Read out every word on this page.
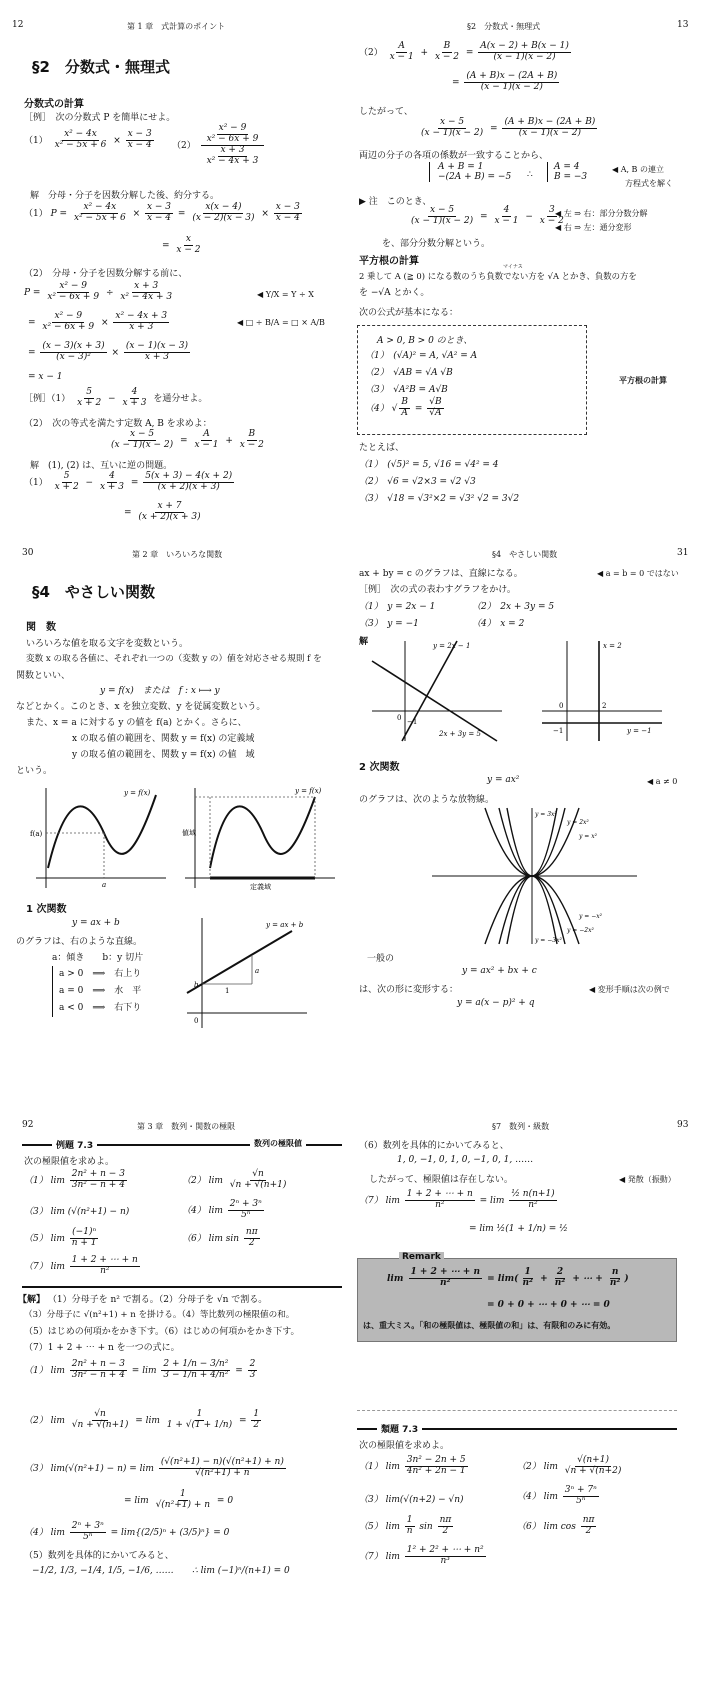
12	第 1 章　式計算のポイント
§2　分数式・無理式
分数式の計算
［例］　次の分数式 P を簡単にせよ。
$(1) \frac{\text{x² − 4x}}{\text{x² − 5x + 6}} \times \frac{x - 3}{x - 4} (2) \frac{\frac{\text{x² − 9}}{\text{x² − 6x + 9}}}{\frac{x + 3}{\text{x² − 4x + 3}}}$
解　分母・分子を因数分解した後、約分する。
（1） $P = \frac{\text{x² − 4x}}{\text{x² − 5x + 6}} \times \frac{x - 3}{x - 4} = \frac{x(x - 4)}{(x - 2)(x - 3)} \times \frac{x - 3}{x - 4}$
= $\frac{x}{x - 2}$
（2）　分母・分子を因数分解する前に、
$P = \frac{\text{x² − 9}}{\text{x² − 6x + 9}} \div \frac{x + 3}{\text{x² − 4x + 3}}$	◀ Y/X = Y ÷ X
= $\frac{\text{x² − 9}}{\text{x² − 6x + 9}} \times \frac{\text{x² − 4x + 3}}{x + 3}$	◀ □ ÷ B/A = □ × A/B
= $\frac{(x - 3)(x + 3)}{\text{(x − 3)²}} \times \frac{(x - 1)(x - 3)}{x + 3}$
= x − 1
［例］（1） $\frac{5}{x + 2} - \frac{4}{x + 3}$ を通分せよ。
（2）　次の等式を満たす定数 A, B を求めよ：
$\frac{x - 5}{(x - 1)(x - 2)} = \frac{A}{x - 1} + \frac{B}{x - 2}$
解　(1), (2) は、互いに逆の問題。
$(1) \frac{5}{x + 2} - \frac{4}{x + 3} = \frac{5(x + 3) - 4(x + 2)}{(x + 2)(x + 3)}$
= $\frac{x + 7}{(x + 2)(x + 3)}$
§2　分数式・無理式	13
$(2) \frac{A}{x - 1} + \frac{B}{x - 2} = \frac{A(x - 2) + B(x - 1)}{(x - 1)(x - 2)}$
= $\frac{(A + B)x - (2A + B)}{(x - 1)(x - 2)}$
したがって、
$\frac{x - 5}{(x - 1)(x - 2)} = \frac{(A + B)x - (2A + B)}{(x - 1)(x - 2)}$
両辺の分子の各項の係数が一致することから、
A + B = 1
−(2A + B) = −5 ∴
A = 4
B = −3
◀ A, B の連立
方程式を解く
▶ 注　このとき、
$\frac{x - 5}{(x - 1)(x - 2)} = \frac{4}{x - 1} - \frac{3}{x - 2}$
◀ 左 ⇒ 右：部分分数分解
◀ 右 ⇒ 左：通分変形
を、部分分数分解という。
平方根の計算	マイナス
2 乗して A (≧ 0) になる数のうち負数でない方を √A とかき、負数の方を
を −√A とかく。
次の公式が基本になる：
A > 0, B > 0 のとき、
（1）　(√A)² = A, √A² = A
（2）　√AB = √A √B
（3）　√A²B = A√B
（4） √ $\frac{B}{A} = \frac{√B}{√A}$
平方根の計算
たとえば、
（1）　(√5)² = 5, √16 = √4² = 4
（2）　√6 = √2×3 = √2 √3
（3）　√18 = √3²×2 = √3² √2 = 3√2
30	第 2 章　いろいろな関数
§4　やさしい関数
関　数
いろいろな値を取る文字を変数という。
変数 x の取る各値に、それぞれ一つの（変数 y の）値を対応させる規則 f を
関数といい、
y = f(x)　または　f : x ⟼ y
などとかく。このとき、x を独立変数、y を従属変数という。
また、x = a に対する y の値を f(a) とかく。さらに、
x の取る値の範囲を、関数 y = f(x) の定義域
y の取る値の範囲を、関数 y = f(x) の値　域
という。
f(a)
a
y = f(x)
値域
定義域
y = f(x)
1 次関数
y = ax + b
のグラフは、右のような直線。
a：傾き　　b：y 切片
a > 0　⟹　右上り
a = 0　⟹　水　平
a < 0　⟹　右下り
b
0
1
a
y = ax + b
§4　やさしい関数	31
ax + by = c のグラフは、直線になる。	◀ a = b = 0 ではない
［例］　次の式の表わすグラフをかけ。
（1）　y = 2x − 1	（2）　2x + 3y = 5
（3）　y = −1	（4）　x = 2
解	y = 2x − 1
2x + 3y = 5
0 −1
x = 2
y = −1
0	2
−1
2 次関数
y = ax²	◀ a ≠ 0
のグラフは、次のような放物線。
y = 3x²
y = 2x²
y = x²
y = −x²
y = −2x²
y = −3x²
一般の
y = ax² + bx + c
は、次の形に変形する：	◀ 変形手順は次の例で
y = a(x − p)² + q
92	第 3 章　数列・関数の極限
例題 7.3	数列の極限値
次の極限値を求めよ。
（1） $\lim \frac{\text{2n² + n − 3}}{\text{3n² − n + 4}}$	（2） $\lim \frac{√n}{√n + √(n+1)}$
（3） lim (√(n²+1) − n)	（4） $\lim \frac{\text{2ⁿ + 3ⁿ}}{\text{5ⁿ}}$
（5） $\lim \frac{\text{(−1)ⁿ}}{n + 1}$	（6） $\lim \sin \frac{n\pi}{2}$
（7） $\lim \frac{1 + 2 + \cdots + n}{\text{n²}}$
【解】 （1）分母子を n² で割る。（2）分母子を √n で割る。
（3）分母子に √(n²+1) + n を掛ける。（4）等比数列の極限値の和。
（5）はじめの何項かをかき下す。（6）はじめの何項かをかき下す。
（7）1 + 2 + ⋯ + n を一つの式に。
（1） $\lim \frac{\text{2n² + n − 3}}{\text{3n² − n + 4}} = \lim \frac{\text{2 + 1/n − 3/n²}}{\text{3 − 1/n + 4/n²}} = \frac{2}{3}$
（2） $\lim \frac{√n}{√n + √(n+1)} = \lim \frac{1}{1 + √(1 + 1/n)} = \frac{1}{2}$
（3） $\lim(√(n^2+1) - n) = \lim \frac{\text{(√(n²+1) − n)(√(n²+1) + n)}}{\text{√(n²+1) + n}}$
= $\lim \frac{1}{\text{√(n²+1) + n}} = 0$
（4） $\lim \frac{\text{2ⁿ + 3ⁿ}}{\text{5ⁿ}} = \lim\{(2/5)^n + (3/5)^n\} = 0$
（5）数列を具体的にかいてみると、
−1/2, 1/3, −1/4, 1/5, −1/6, …… ∴ lim (−1)ⁿ/(n+1) = 0
§7　数列・級数	93
（6）数列を具体的にかいてみると、
1, 0, −1, 0, 1, 0, −1, 0, 1, ……
したがって、極限値は存在しない。	◀ 発散（振動）
（7） $\lim \frac{1 + 2 + \cdots + n}{\text{n²}} = \lim \frac{\text{½ n(n+1)}}{\text{n²}}$
= lim ½(1 + 1/n) = ½
Remark
$\lim \frac{1 + 2 + \cdots + n}{\text{n²}} = \lim( \frac{1}{\text{n²}} + \frac{2}{\text{n²}}$ + ⋯ + $\frac{n}{\text{n²}}$ )
= 0 + 0 + ⋯ + 0 + ⋯ = 0
は、重大ミス。「和の極限値は、極限値の和」は、有限和のみに有効。
類題 7.3
次の極限値を求めよ。
（1） $\lim \frac{\text{3n² − 2n + 5}}{\text{4n² + 2n − 1}}$	（2） $\lim \frac{√(n+1)}{√n + √(n+2)}$
（3） lim(√(n+2) − √n)	（4） $\lim \frac{\text{3ⁿ + 7ⁿ}}{\text{5ⁿ}}$
（5） $\lim \frac{1}{n}$ $\sin \frac{n\pi}{2}$	（6） $\lim \cos \frac{n\pi}{2}$
（7） $\lim \frac{\text{1² + 2² + ⋯ + n²}}{\text{n³}}$
